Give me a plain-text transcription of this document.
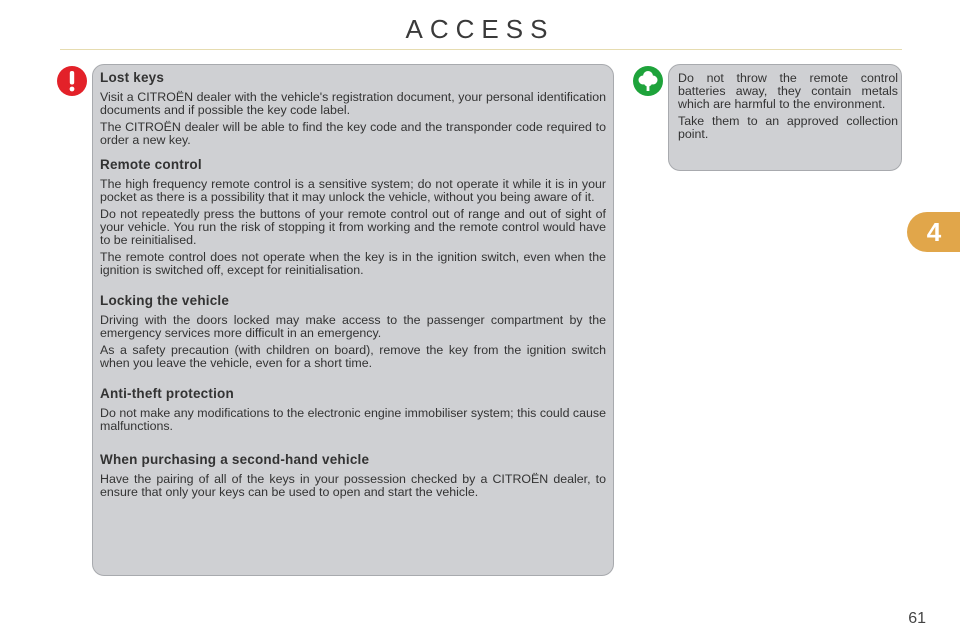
ACCESS
Lost keys

Visit a CITROËN dealer with the vehicle's registration document, your personal identification documents and if possible the key code label.

The CITROËN dealer will be able to find the key code and the transponder code required to order a new key.

Remote control

The high frequency remote control is a sensitive system; do not operate it while it is in your pocket as there is a possibility that it may unlock the vehicle, without you being aware of it.

Do not repeatedly press the buttons of your remote control out of range and out of sight of your vehicle. You run the risk of stopping it from working and the remote control would have to be reinitialised.

The remote control does not operate when the key is in the ignition switch, even when the ignition is switched off, except for reinitialisation.

Locking the vehicle

Driving with the doors locked may make access to the passenger compartment by the emergency services more difficult in an emergency.

As a safety precaution (with children on board), remove the key from the ignition switch when you leave the vehicle, even for a short time.

Anti-theft protection

Do not make any modifications to the electronic engine immobiliser system; this could cause malfunctions.

When purchasing a second-hand vehicle

Have the pairing of all of the keys in your possession checked by a CITROËN dealer, to ensure that only your keys can be used to open and start the vehicle.

Do not throw the remote control batteries away, they contain metals which are harmful to the environment.

Take them to an approved collection point.

4
61
